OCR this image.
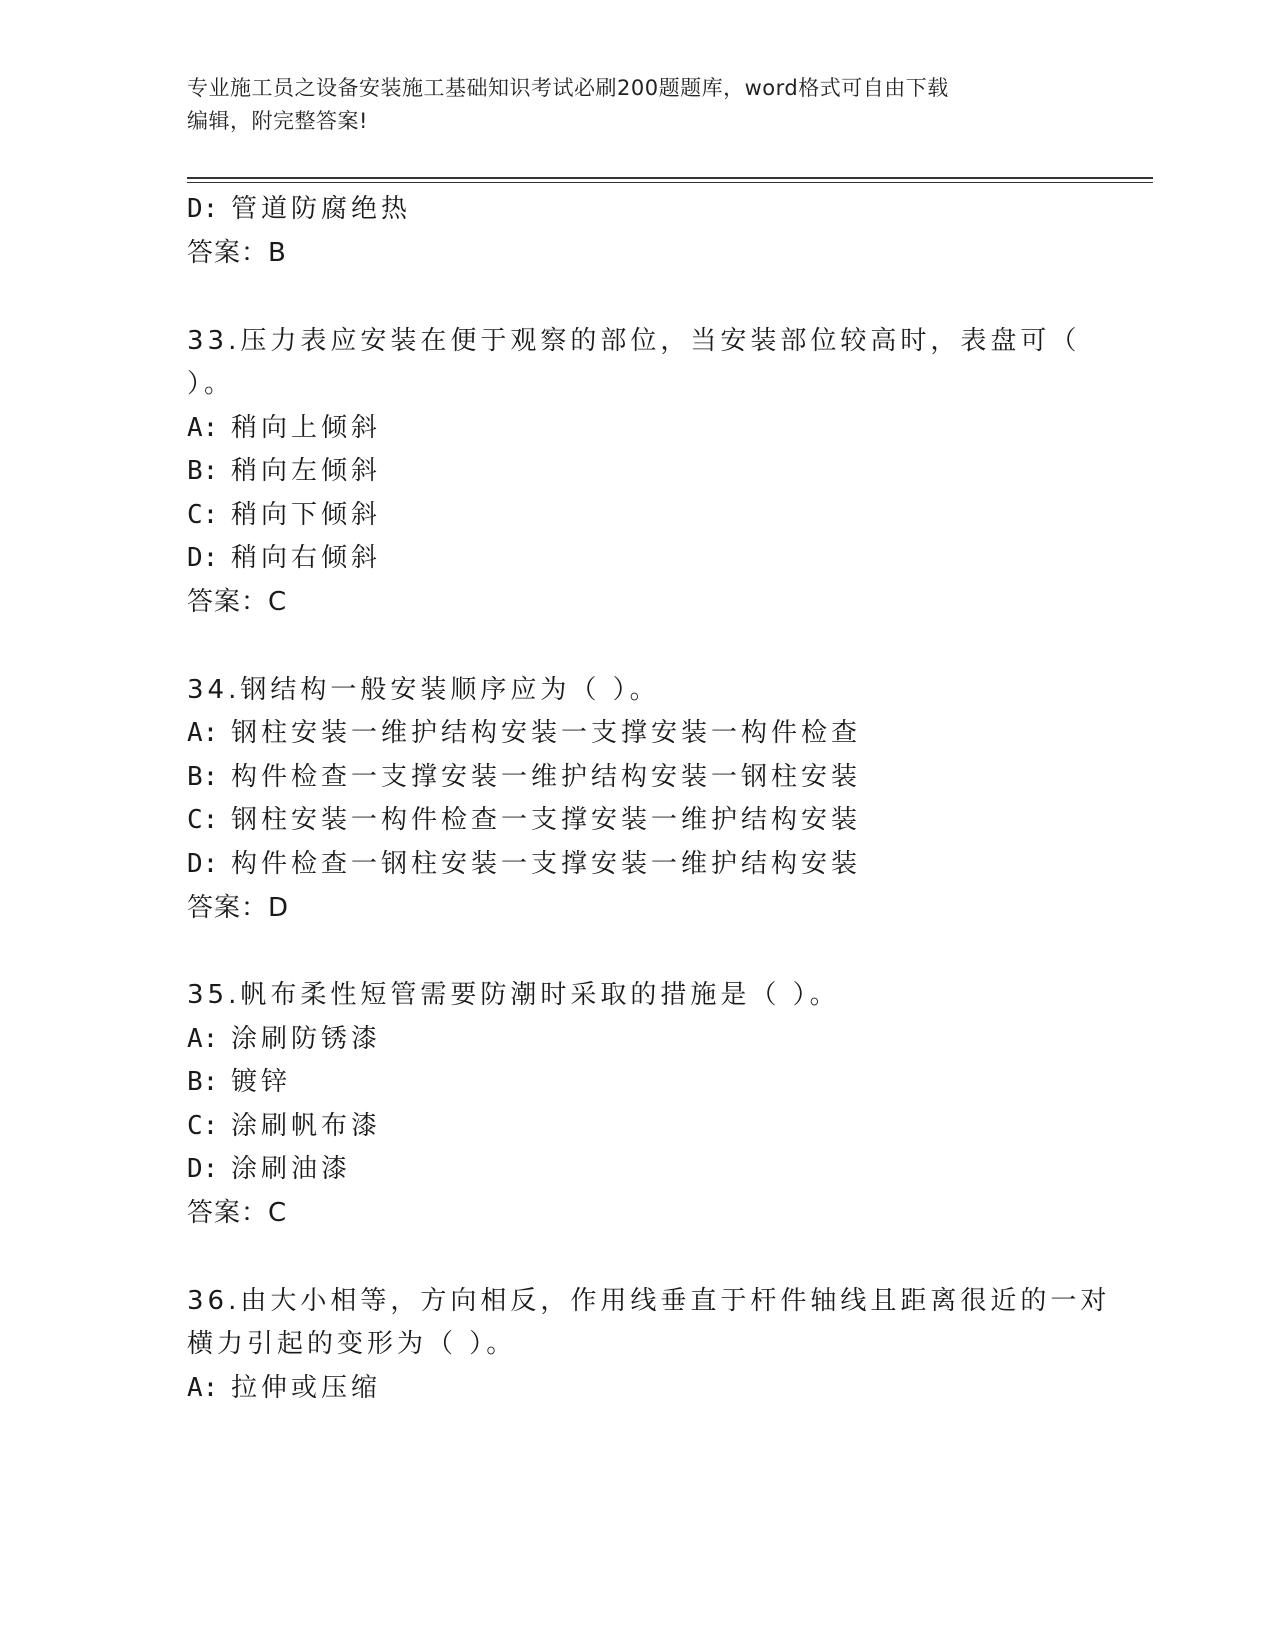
专业施工员之设备安装施工基础知识考试必刷200题题库，word格式可自由下载
编辑，附完整答案!
D: 管道防腐绝热
答案：B
33.压力表应安装在便于观察的部位，当安装部位较高时，表盘可（
）。
A: 稍向上倾斜
B: 稍向左倾斜
C: 稍向下倾斜
D: 稍向右倾斜
答案：C
34.钢结构一般安装顺序应为（ ）。
A: 钢柱安装一维护结构安装一支撑安装一构件检查
B: 构件检查一支撑安装一维护结构安装一钢柱安装
C: 钢柱安装一构件检查一支撑安装一维护结构安装
D: 构件检查一钢柱安装一支撑安装一维护结构安装
答案：D
35.帆布柔性短管需要防潮时采取的措施是（ ）。
A: 涂刷防锈漆
B: 镀锌
C: 涂刷帆布漆
D: 涂刷油漆
答案：C
36.由大小相等，方向相反，作用线垂直于杆件轴线且距离很近的一对
横力引起的变形为（ ）。
A: 拉伸或压缩
